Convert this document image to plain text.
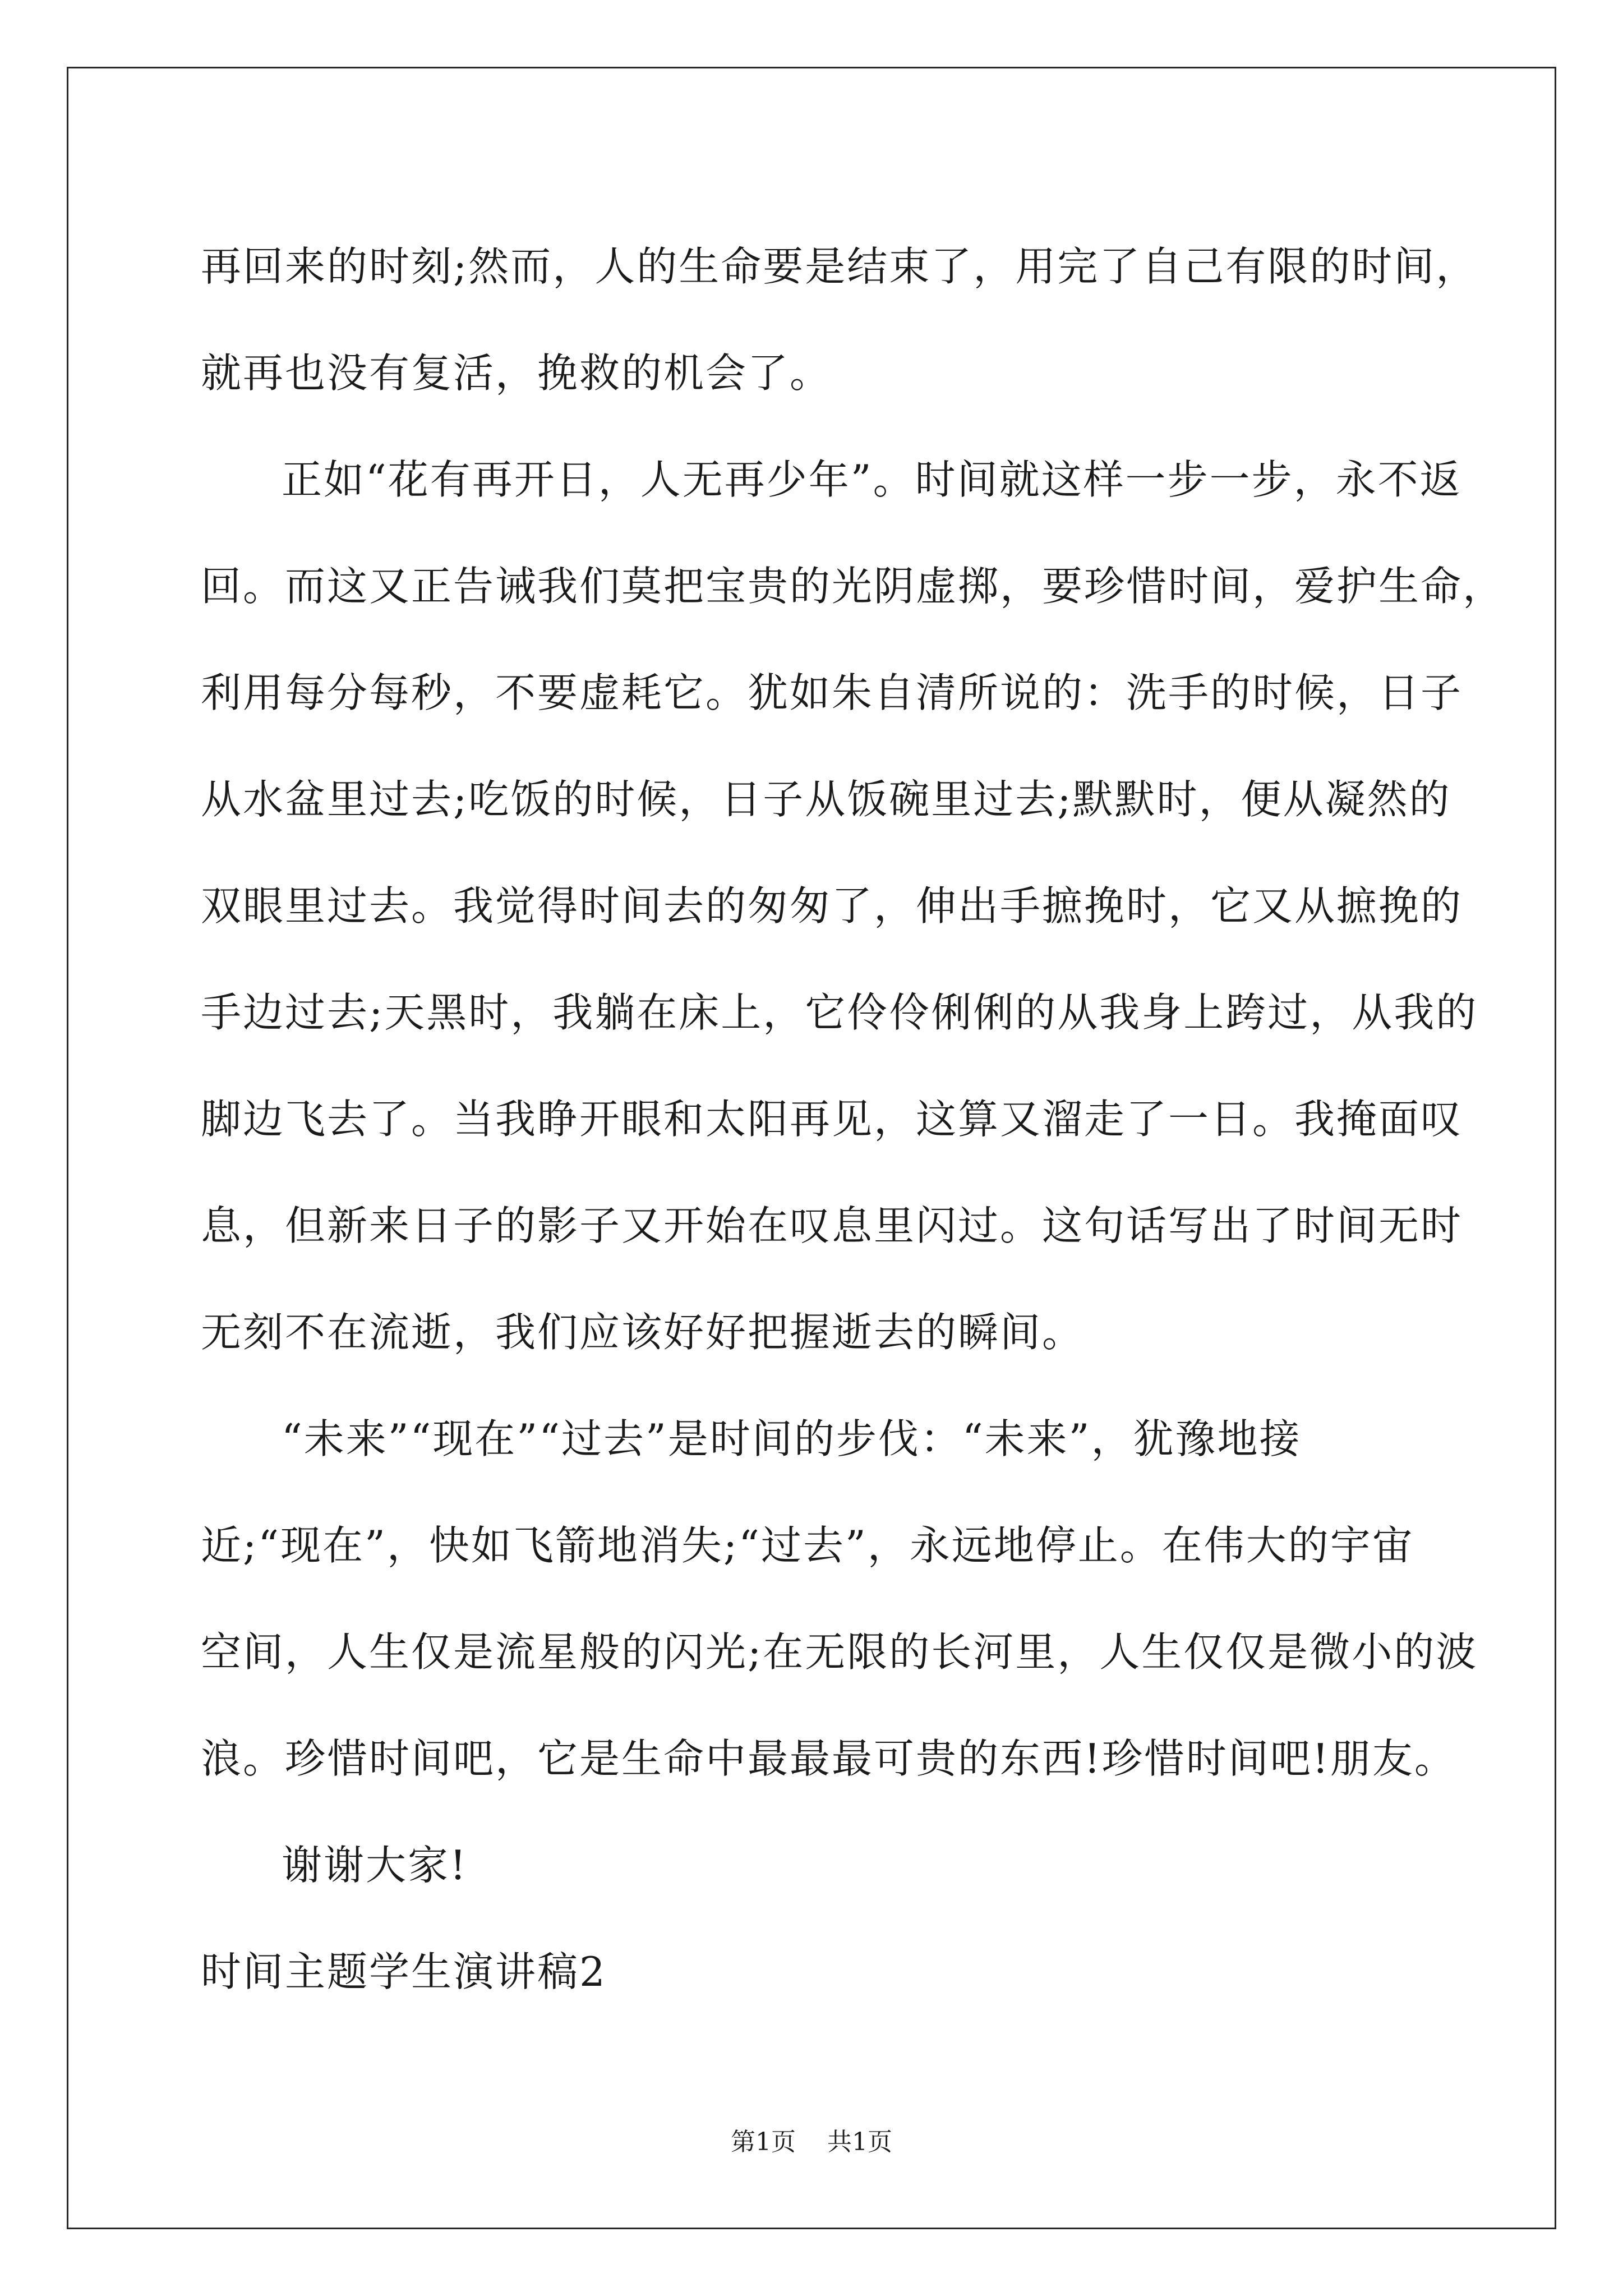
再回来的时刻;然而，人的生命要是结束了，用完了自己有限的时间，
就再也没有复活，挽救的机会了。
正如“花有再开日，人无再少年”。时间就这样一步一步，永不返
回。而这又正告诫我们莫把宝贵的光阴虚掷，要珍惜时间，爱护生命，
利用每分每秒，不要虚耗它。犹如朱自清所说的：洗手的时候，日子
从水盆里过去;吃饭的时候，日子从饭碗里过去;默默时，便从凝然的
双眼里过去。我觉得时间去的匆匆了，伸出手摭挽时，它又从摭挽的
手边过去;天黑时，我躺在床上，它伶伶俐俐的从我身上跨过，从我的
脚边飞去了。当我睁开眼和太阳再见，这算又溜走了一日。我掩面叹
息，但新来日子的影子又开始在叹息里闪过。这句话写出了时间无时
无刻不在流逝，我们应该好好把握逝去的瞬间。
“未来”“现在”“过去”是时间的步伐：“未来”，犹豫地接
近;“现在”，快如飞箭地消失;“过去”，永远地停止。在伟大的宇宙
空间，人生仅是流星般的闪光;在无限的长河里，人生仅仅是微小的波
浪。珍惜时间吧，它是生命中最最最可贵的东西!珍惜时间吧!朋友。
谢谢大家!
时间主题学生演讲稿2
第1页 共1页
